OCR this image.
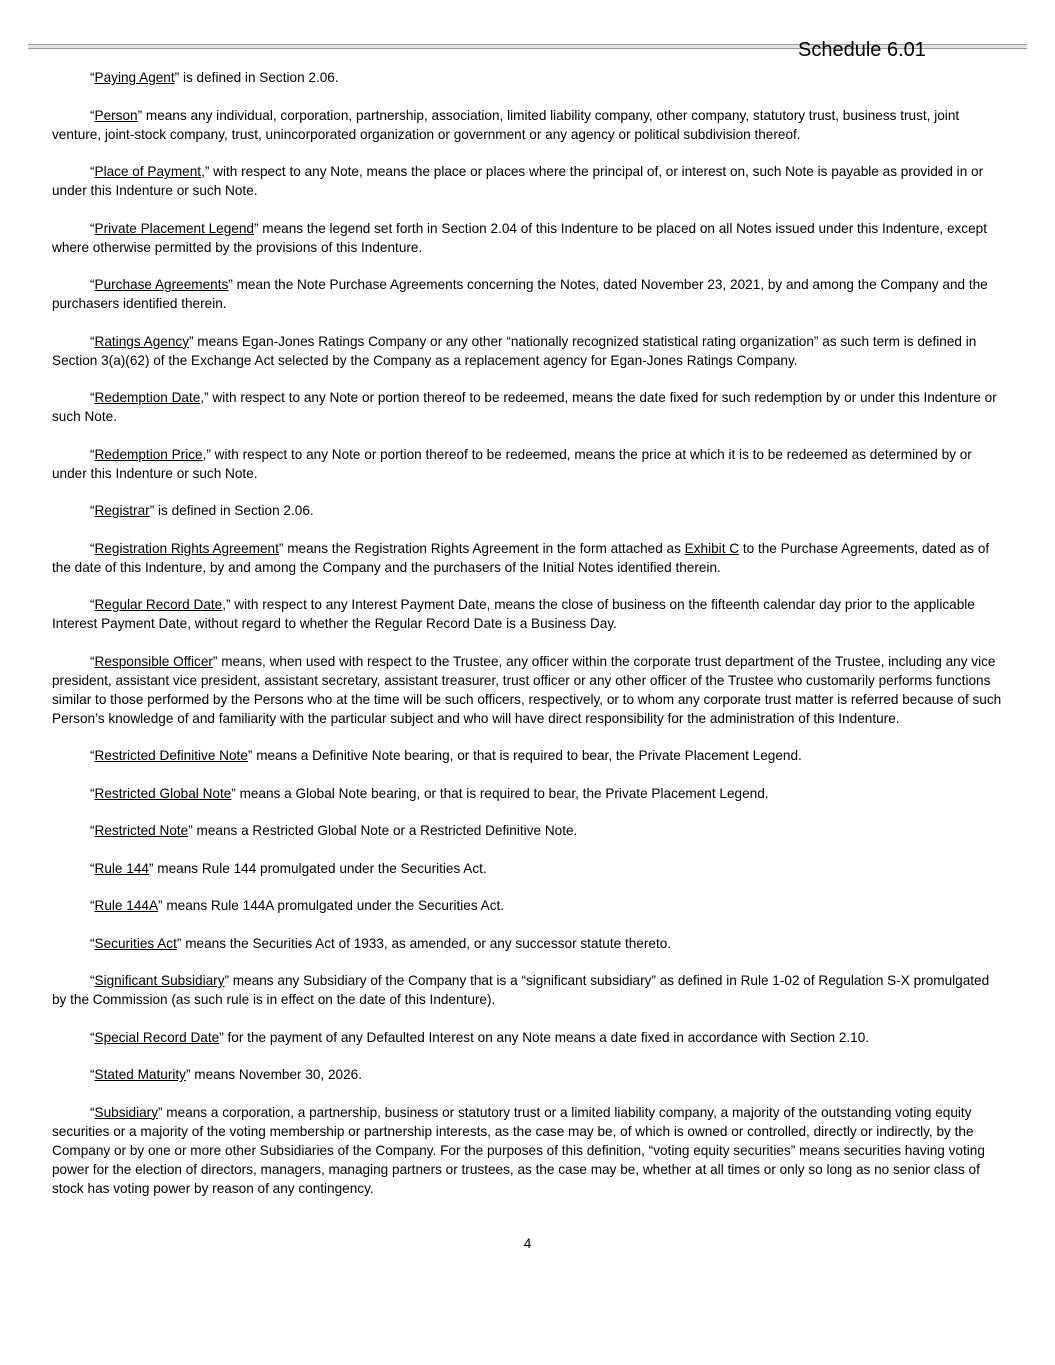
Schedule 6.01

“Paying Agent” is defined in Section 2.06.

“Person” means any individual, corporation, partnership, association, limited liability company, other company, statutory trust, business trust, joint venture, joint-stock company, trust, unincorporated organization or government or any agency or political subdivision thereof.

“Place of Payment,” with respect to any Note, means the place or places where the principal of, or interest on, such Note is payable as provided in or under this Indenture or such Note.

“Private Placement Legend” means the legend set forth in Section 2.04 of this Indenture to be placed on all Notes issued under this Indenture, except where otherwise permitted by the provisions of this Indenture.

“Purchase Agreements” mean the Note Purchase Agreements concerning the Notes, dated November 23, 2021, by and among the Company and the purchasers identified therein.

“Ratings Agency” means Egan-Jones Ratings Company or any other “nationally recognized statistical rating organization” as such term is defined in Section 3(a)(62) of the Exchange Act selected by the Company as a replacement agency for Egan-Jones Ratings Company.

“Redemption Date,” with respect to any Note or portion thereof to be redeemed, means the date fixed for such redemption by or under this Indenture or such Note.

“Redemption Price,” with respect to any Note or portion thereof to be redeemed, means the price at which it is to be redeemed as determined by or under this Indenture or such Note.

“Registrar” is defined in Section 2.06.

“Registration Rights Agreement” means the Registration Rights Agreement in the form attached as Exhibit C to the Purchase Agreements, dated as of the date of this Indenture, by and among the Company and the purchasers of the Initial Notes identified therein.

“Regular Record Date,” with respect to any Interest Payment Date, means the close of business on the fifteenth calendar day prior to the applicable Interest Payment Date, without regard to whether the Regular Record Date is a Business Day.

“Responsible Officer” means, when used with respect to the Trustee, any officer within the corporate trust department of the Trustee, including any vice president, assistant vice president, assistant secretary, assistant treasurer, trust officer or any other officer of the Trustee who customarily performs functions similar to those performed by the Persons who at the time will be such officers, respectively, or to whom any corporate trust matter is referred because of such Person’s knowledge of and familiarity with the particular subject and who will have direct responsibility for the administration of this Indenture.

“Restricted Definitive Note” means a Definitive Note bearing, or that is required to bear, the Private Placement Legend.

“Restricted Global Note” means a Global Note bearing, or that is required to bear, the Private Placement Legend.

“Restricted Note” means a Restricted Global Note or a Restricted Definitive Note.

“Rule 144” means Rule 144 promulgated under the Securities Act.

“Rule 144A” means Rule 144A promulgated under the Securities Act.

“Securities Act” means the Securities Act of 1933, as amended, or any successor statute thereto.

“Significant Subsidiary” means any Subsidiary of the Company that is a “significant subsidiary” as defined in Rule 1-02 of Regulation S-X promulgated by the Commission (as such rule is in effect on the date of this Indenture).

“Special Record Date” for the payment of any Defaulted Interest on any Note means a date fixed in accordance with Section 2.10.

“Stated Maturity” means November 30, 2026.

“Subsidiary” means a corporation, a partnership, business or statutory trust or a limited liability company, a majority of the outstanding voting equity securities or a majority of the voting membership or partnership interests, as the case may be, of which is owned or controlled, directly or indirectly, by the Company or by one or more other Subsidiaries of the Company. For the purposes of this definition, “voting equity securities” means securities having voting power for the election of directors, managers, managing partners or trustees, as the case may be, whether at all times or only so long as no senior class of stock has voting power by reason of any contingency.

4
